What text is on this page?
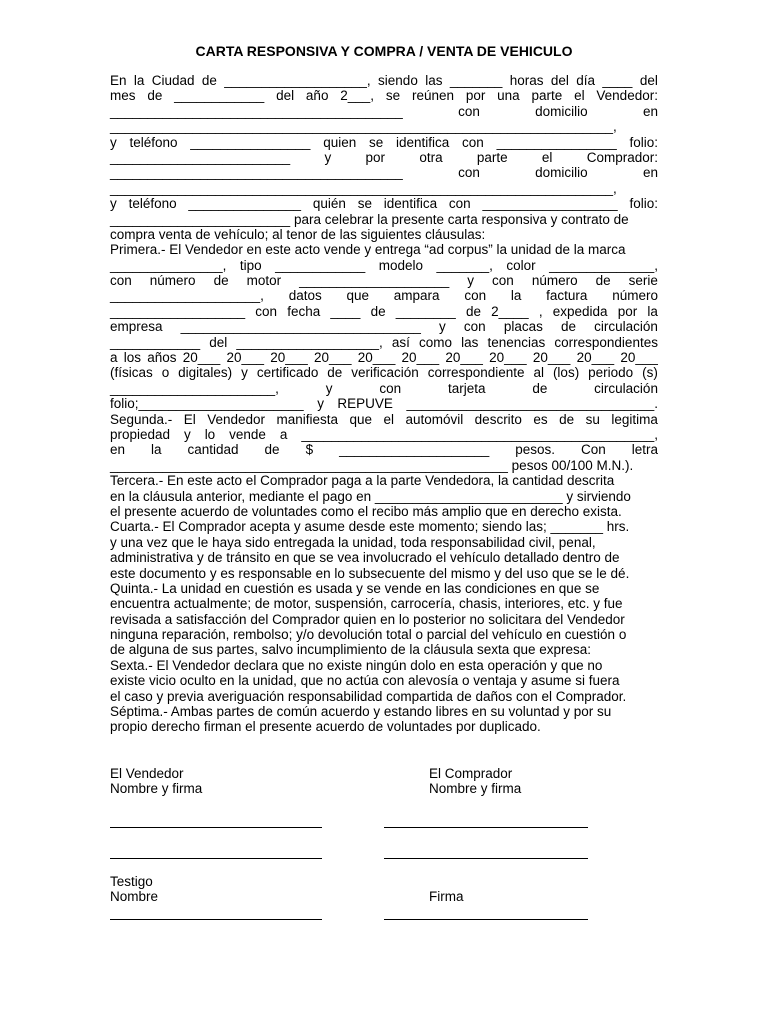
CARTA RESPONSIVA Y COMPRA / VENTA DE VEHICULO
En la Ciudad de ___________________, siendo las _______ horas del día ____ del
mes de ____________ del año 2___, se reúnen por una parte el Vendedor:
_______________________________________	con	domicilio	en
___________________________________________________________________,
y teléfono ________________ quien se identifica con ________________ folio:
________________________	y	por	otra	parte	el	Comprador:
_______________________________________	con	domicilio	en
___________________________________________________________________,
y teléfono _______________ quién se identifica con __________________ folio:
________________________ para celebrar la presente carta responsiva y contrato de
compra venta de vehículo; al tenor de las siguientes cláusulas:
Primera.- El Vendedor en este acto vende y entrega “ad corpus” la unidad de la marca
_______________, tipo ____________ modelo _______, color ______________,
con número de motor ____________________ y con número de serie
____________________, datos que ampara con la factura número
__________________ con fecha ____ de ________ de 2____ , expedida por la
empresa ________________________________ y con placas de circulación
____________ del ___________________, así como las tenencias correspondientes
a los años 20___ 20___ 20___ 20___ 20___ 20___ 20___ 20___ 20___ 20___ 20___
(físicas o digitales) y certificado de verificación correspondiente al (los) periodo (s)
______________________,	y	con	tarjeta	de	circulación
folio;______________________ y REPUVE _________________________________.
Segunda.- El Vendedor manifiesta que el automóvil descrito es de su legitima
propiedad y lo vende a _______________________________________________,
en la cantidad de $ ____________________ pesos. Con letra
_____________________________________________________ pesos 00/100 M.N.).
Tercera.- En este acto el Comprador paga a la parte Vendedora, la cantidad descrita
en la cláusula anterior, mediante el pago en _________________________ y sirviendo
el presente acuerdo de voluntades como el recibo más amplio que en derecho exista.
Cuarta.- El Comprador acepta y asume desde este momento; siendo las; _______ hrs.
y una vez que le haya sido entregada la unidad, toda responsabilidad civil, penal,
administrativa y de tránsito en que se vea involucrado el vehículo detallado dentro de
este documento y es responsable en lo subsecuente del mismo y del uso que se le dé.
Quinta.- La unidad en cuestión es usada y se vende en las condiciones en que se
encuentra actualmente; de motor, suspensión, carrocería, chasis, interiores, etc. y fue
revisada a satisfacción del Comprador quien en lo posterior no solicitara del Vendedor
ninguna reparación, rembolso; y/o devolución total o parcial del vehículo en cuestión o
de alguna de sus partes, salvo incumplimiento de la cláusula sexta que expresa:
Sexta.- El Vendedor declara que no existe ningún dolo en esta operación y que no
existe vicio oculto en la unidad, que no actúa con alevosía o ventaja y asume si fuera
el caso y previa averiguación responsabilidad compartida de daños con el Comprador.
Séptima.- Ambas partes de común acuerdo y estando libres en su voluntad y por su
propio derecho firman el presente acuerdo de voluntades por duplicado.
El Vendedor
Nombre y firma
El Comprador
Nombre y firma
Testigo
Nombre	Firma
